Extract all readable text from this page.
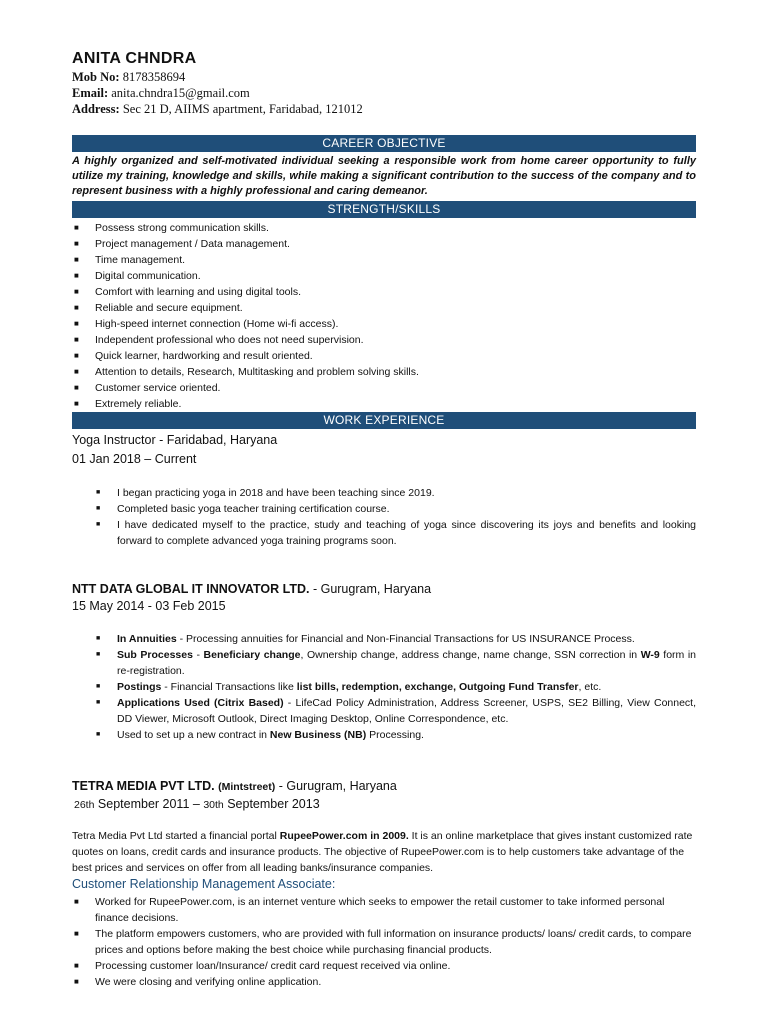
ANITA CHNDRA
Mob No: 8178358694
Email: anita.chndra15@gmail.com
Address: Sec 21 D, AIIMS apartment, Faridabad, 121012
CAREER OBJECTIVE
A highly organized and self-motivated individual seeking a responsible work from home career opportunity to fully utilize my training, knowledge and skills, while making a significant contribution to the success of the company and to represent business with a highly professional and caring demeanor.
STRENGTH/SKILLS
■ Possess strong communication skills.
■ Project management / Data management.
■ Time management.
■ Digital communication.
■ Comfort with learning and using digital tools.
■ Reliable and secure equipment.
■ High-speed internet connection (Home wi-fi access).
■ Independent professional who does not need supervision.
■ Quick learner, hardworking and result oriented.
■ Attention to details, Research, Multitasking and problem solving skills.
■ Customer service oriented.
■ Extremely reliable.
WORK EXPERIENCE
Yoga Instructor - Faridabad, Haryana
01 Jan 2018 – Current
■ I began practicing yoga in 2018 and have been teaching since 2019.
■ Completed basic yoga teacher training certification course.
■ I have dedicated myself to the practice, study and teaching of yoga since discovering its joys and benefits and looking forward to complete advanced yoga training programs soon.
NTT DATA GLOBAL IT INNOVATOR LTD. - Gurugram, Haryana
15 May 2014 - 03 Feb 2015
■ In Annuities - Processing annuities for Financial and Non-Financial Transactions for US INSURANCE Process.
■ Sub Processes - Beneficiary change, Ownership change, address change, name change, SSN correction in W-9 form in re-registration.
■ Postings - Financial Transactions like list bills, redemption, exchange, Outgoing Fund Transfer, etc.
■ Applications Used (Citrix Based) - LifeCad Policy Administration, Address Screener, USPS, SE2 Billing, View Connect, DD Viewer, Microsoft Outlook, Direct Imaging Desktop, Online Correspondence, etc.
■ Used to set up a new contract in New Business (NB) Processing.
TETRA MEDIA PVT LTD. (Mintstreet) - Gurugram, Haryana
26th September 2011 – 30th September 2013
Tetra Media Pvt Ltd started a financial portal RupeePower.com in 2009. It is an online marketplace that gives instant customized rate quotes on loans, credit cards and insurance products. The objective of RupeePower.com is to help customers take advantage of the best prices and services on offer from all leading banks/insurance companies.
Customer Relationship Management Associate:
■ Worked for RupeePower.com, is an internet venture which seeks to empower the retail customer to take informed personal finance decisions.
■ The platform empowers customers, who are provided with full information on insurance products/ loans/ credit cards, to compare prices and options before making the best choice while purchasing financial products.
■ Processing customer loan/Insurance/ credit card request received via online.
■ We were closing and verifying online application.
